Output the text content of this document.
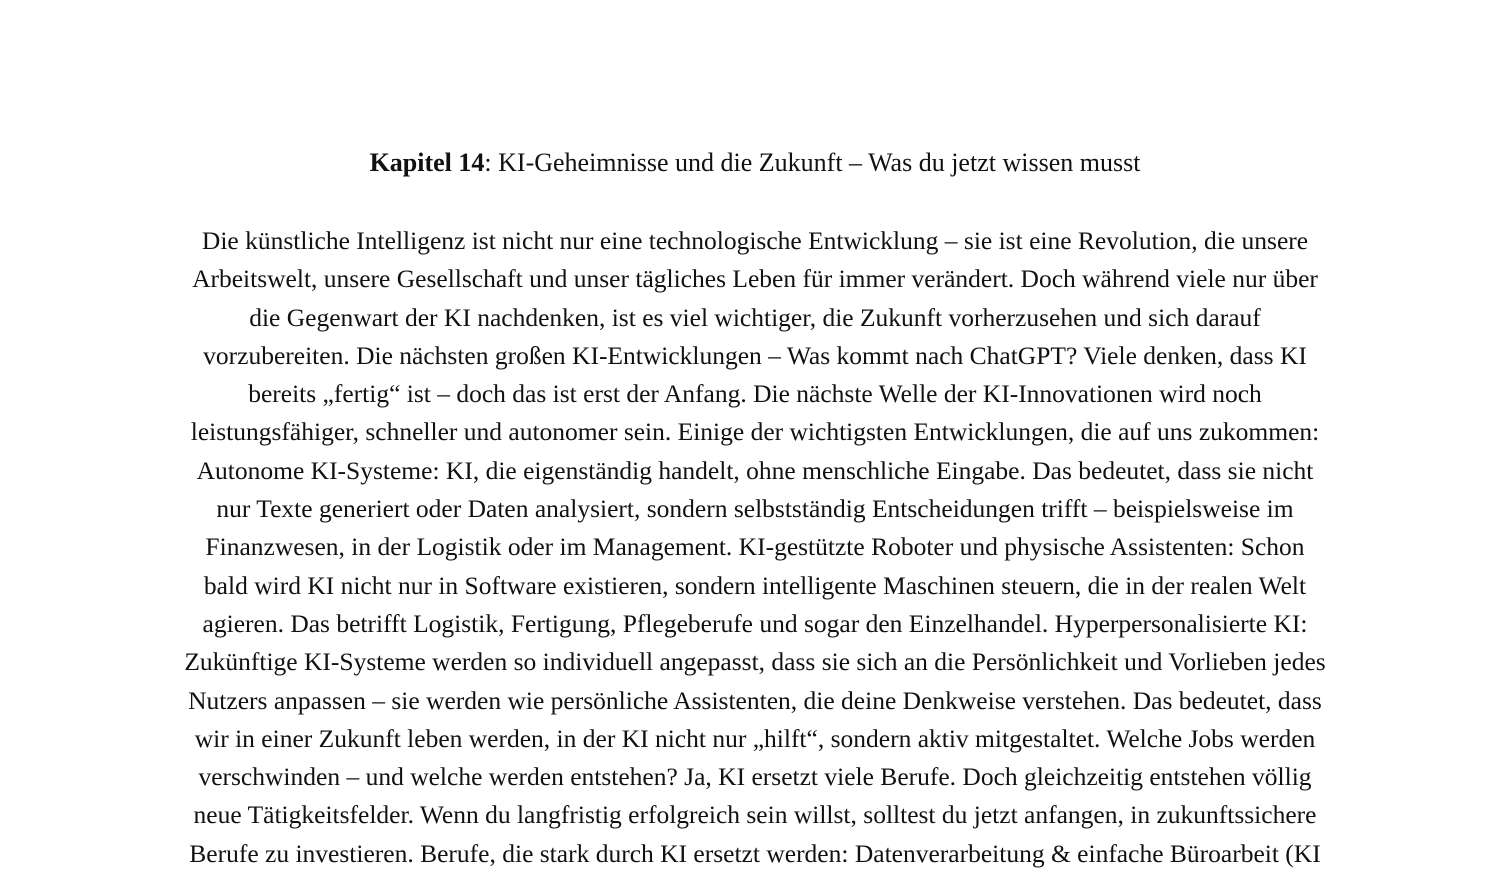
Kapitel 14: KI-Geheimnisse und die Zukunft – Was du jetzt wissen musst
Die künstliche Intelligenz ist nicht nur eine technologische Entwicklung – sie ist eine Revolution, die unsere
Arbeitswelt, unsere Gesellschaft und unser tägliches Leben für immer verändert. Doch während viele nur über
die Gegenwart der KI nachdenken, ist es viel wichtiger, die Zukunft vorherzusehen und sich darauf
vorzubereiten. Die nächsten großen KI-Entwicklungen – Was kommt nach ChatGPT? Viele denken, dass KI
bereits „fertig“ ist – doch das ist erst der Anfang. Die nächste Welle der KI-Innovationen wird noch
leistungsfähiger, schneller und autonomer sein. Einige der wichtigsten Entwicklungen, die auf uns zukommen:
Autonome KI-Systeme: KI, die eigenständig handelt, ohne menschliche Eingabe. Das bedeutet, dass sie nicht
nur Texte generiert oder Daten analysiert, sondern selbstständig Entscheidungen trifft – beispielsweise im
Finanzwesen, in der Logistik oder im Management. KI-gestützte Roboter und physische Assistenten: Schon
bald wird KI nicht nur in Software existieren, sondern intelligente Maschinen steuern, die in der realen Welt
agieren. Das betrifft Logistik, Fertigung, Pflegeberufe und sogar den Einzelhandel. Hyperpersonalisierte KI:
Zukünftige KI-Systeme werden so individuell angepasst, dass sie sich an die Persönlichkeit und Vorlieben jedes
Nutzers anpassen – sie werden wie persönliche Assistenten, die deine Denkweise verstehen. Das bedeutet, dass
wir in einer Zukunft leben werden, in der KI nicht nur „hilft“, sondern aktiv mitgestaltet. Welche Jobs werden
verschwinden – und welche werden entstehen? Ja, KI ersetzt viele Berufe. Doch gleichzeitig entstehen völlig
neue Tätigkeitsfelder. Wenn du langfristig erfolgreich sein willst, solltest du jetzt anfangen, in zukunftssichere
Berufe zu investieren. Berufe, die stark durch KI ersetzt werden: Datenverarbeitung & einfache Büroarbeit (KI
